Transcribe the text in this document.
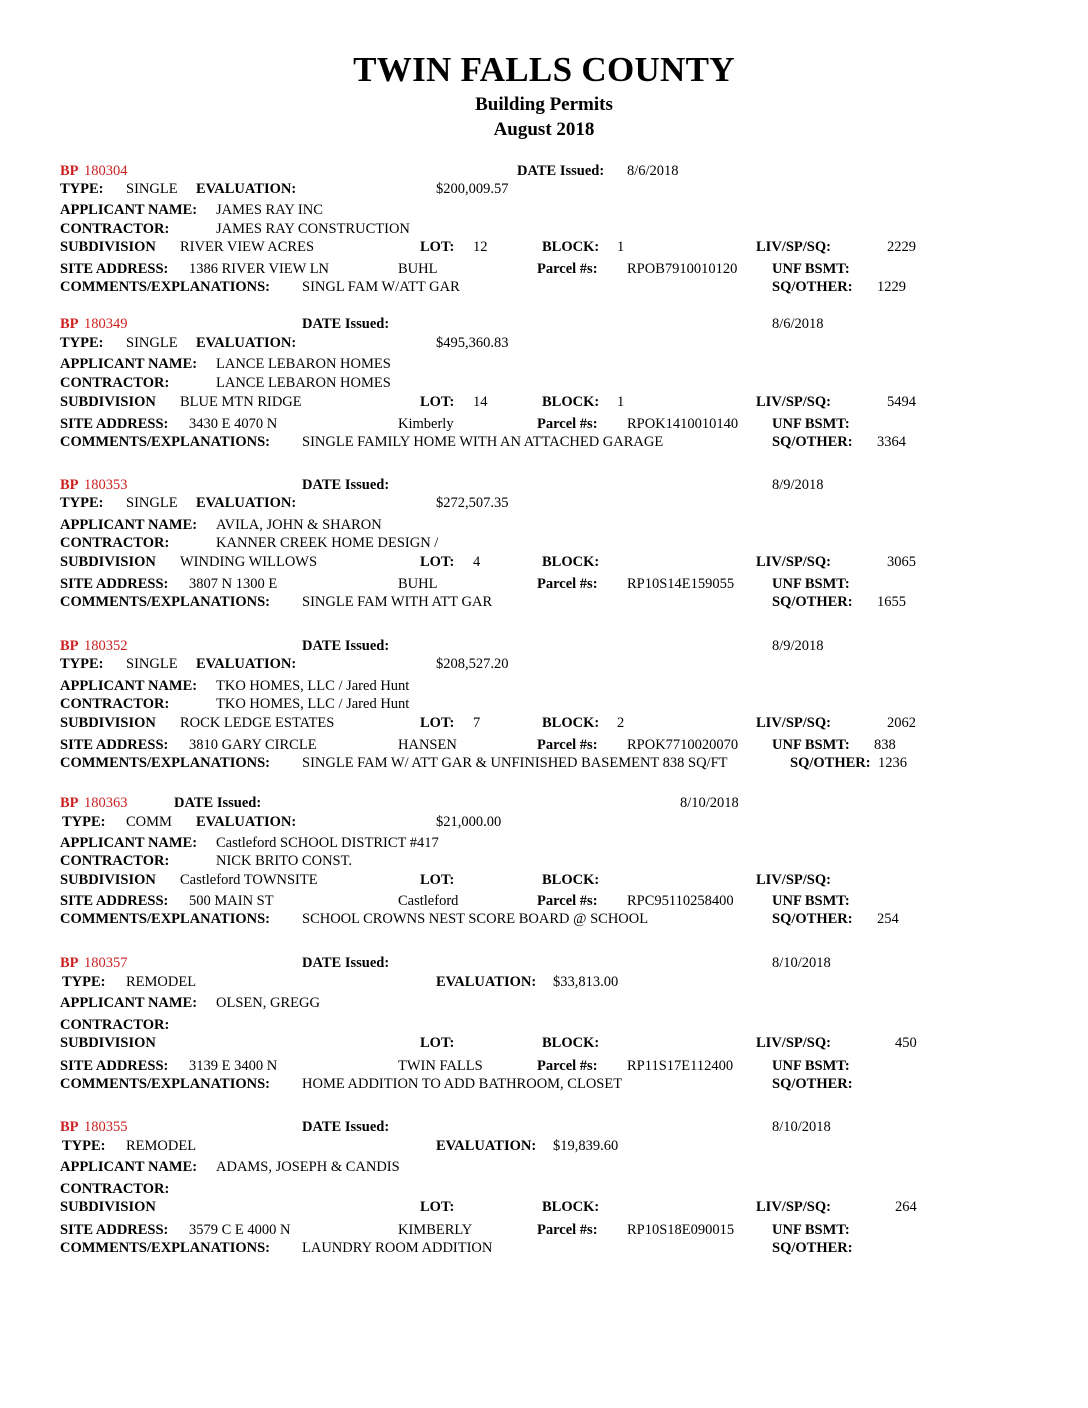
TWIN FALLS COUNTY
Building Permits
August 2018
BP 180304	DATE Issued: 8/6/2018
TYPE: SINGLE EVALUATION:	$200,009.57
APPLICANT NAME: JAMES RAY INC
CONTRACTOR:	JAMES RAY CONSTRUCTION
SUBDIVISION RIVER VIEW ACRES	LOT: 12	BLOCK: 1	LIV/SP/SQ:	2229
SITE ADDRESS: 1386 RIVER VIEW LN	BUHL	Parcel #s: RPOB7910010120 UNF BSMT:
COMMENTS/EXPLANATIONS: SINGL FAM W/ATT GAR	SQ/OTHER: 1229
BP 180349	DATE Issued:	8/6/2018
TYPE: SINGLE EVALUATION:	$495,360.83
APPLICANT NAME: LANCE LEBARON HOMES
CONTRACTOR:	LANCE LEBARON HOMES
SUBDIVISION BLUE MTN RIDGE	LOT: 14	BLOCK: 1	LIV/SP/SQ:	5494
SITE ADDRESS: 3430 E 4070 N	Kimberly	Parcel #s: RPOK1410010140 UNF BSMT:
COMMENTS/EXPLANATIONS: SINGLE FAMILY HOME WITH AN ATTACHED GARAGE	SQ/OTHER: 3364
BP 180353	DATE Issued:	8/9/2018
TYPE: SINGLE EVALUATION:	$272,507.35
APPLICANT NAME: AVILA, JOHN & SHARON
CONTRACTOR:	KANNER CREEK HOME DESIGN /
SUBDIVISION WINDING WILLOWS	LOT: 4	BLOCK:	LIV/SP/SQ:	3065
SITE ADDRESS: 3807 N 1300 E	BUHL	Parcel #s: RP10S14E159055	UNF BSMT:
COMMENTS/EXPLANATIONS: SINGLE FAM WITH ATT GAR	SQ/OTHER: 1655
BP 180352	DATE Issued:	8/9/2018
TYPE: SINGLE EVALUATION:	$208,527.20
APPLICANT NAME: TKO HOMES, LLC / Jared Hunt
CONTRACTOR:	TKO HOMES, LLC / Jared Hunt
SUBDIVISION ROCK LEDGE ESTATES	LOT: 7	BLOCK: 2	LIV/SP/SQ:	2062
SITE ADDRESS: 3810 GARY CIRCLE	HANSEN	Parcel #s: RPOK7710020070 UNF BSMT: 838
COMMENTS/EXPLANATIONS: SINGLE FAM W/ ATT GAR & UNFINISHED BASEMENT 838 SQ/FT	SQ/OTHER: 1236
BP 180363	DATE Issued:	8/10/2018
TYPE: COMM EVALUATION:	$21,000.00
APPLICANT NAME: Castleford SCHOOL DISTRICT #417
CONTRACTOR:	NICK BRITO CONST.
SUBDIVISION Castleford TOWNSITE	LOT:	BLOCK:	LIV/SP/SQ:
SITE ADDRESS: 500 MAIN ST	Castleford	Parcel #s: RPC95110258400	UNF BSMT:
COMMENTS/EXPLANATIONS: SCHOOL CROWNS NEST SCORE BOARD @ SCHOOL	SQ/OTHER: 254
BP 180357	DATE Issued:	8/10/2018
TYPE: REMODEL	EVALUATION: $33,813.00
APPLICANT NAME: OLSEN, GREGG
CONTRACTOR:
SUBDIVISION	LOT:	BLOCK:	LIV/SP/SQ:	450
SITE ADDRESS: 3139 E 3400 N	TWIN FALLS	Parcel #s: RP11S17E112400	UNF BSMT:
COMMENTS/EXPLANATIONS: HOME ADDITION TO ADD BATHROOM, CLOSET	SQ/OTHER:
BP 180355	DATE Issued:	8/10/2018
TYPE: REMODEL	EVALUATION: $19,839.60
APPLICANT NAME: ADAMS, JOSEPH & CANDIS
CONTRACTOR:
SUBDIVISION	LOT:	BLOCK:	LIV/SP/SQ:	264
SITE ADDRESS: 3579 C E 4000 N	KIMBERLY	Parcel #s: RP10S18E090015	UNF BSMT:
COMMENTS/EXPLANATIONS: LAUNDRY ROOM ADDITION	SQ/OTHER:
